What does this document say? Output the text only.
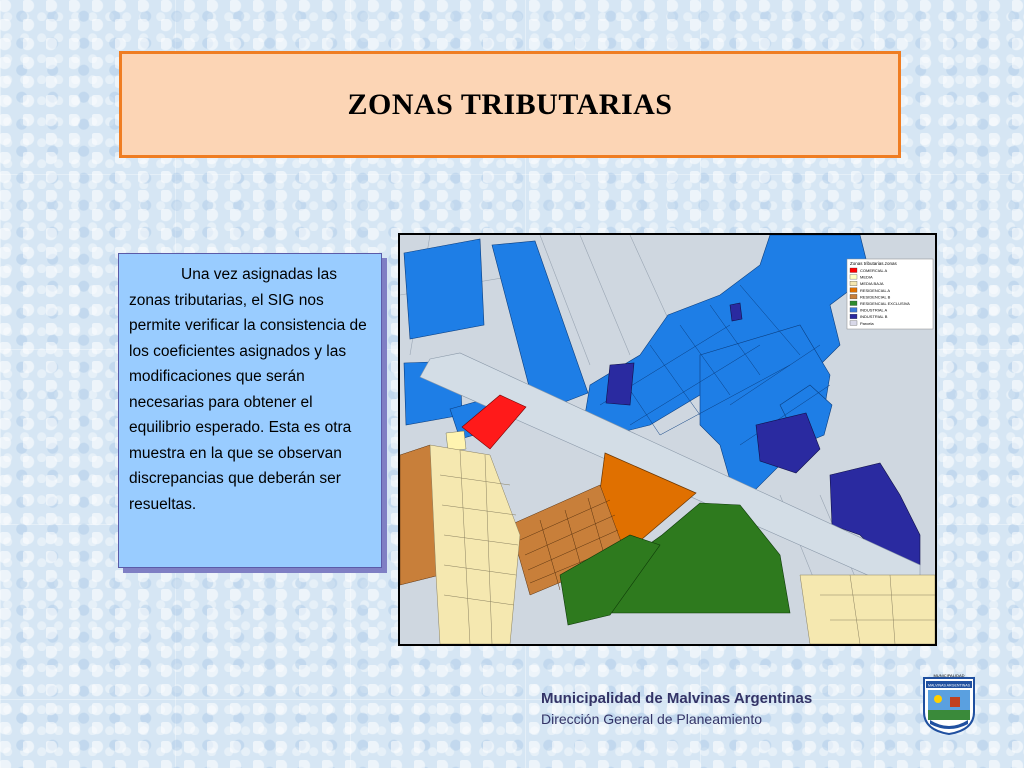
ZONAS TRIBUTARIAS

Una vez asignadas las zonas tributarias, el SIG nos permite verificar la consistencia de los coeficientes asignados y las modificaciones que serán necesarias para obtener el equilibrio esperado. Esta es otra muestra en la que se observan discrepancias que deberán ser resueltas.

Zonas tributarias.zonas
COMERCIAL A
MEDIA
MEDIA BAJA
RESIDENCIAL A
RESIDENCIAL B
RESIDENCIAL EXCLUSIVA
INDUSTRIAL A
INDUSTRIAL B
Parcela
Municipalidad de Malvinas Argentinas
Dirección General de Planeamiento
MUNICIPALIDAD
MALVINAS ARGENTINAS
